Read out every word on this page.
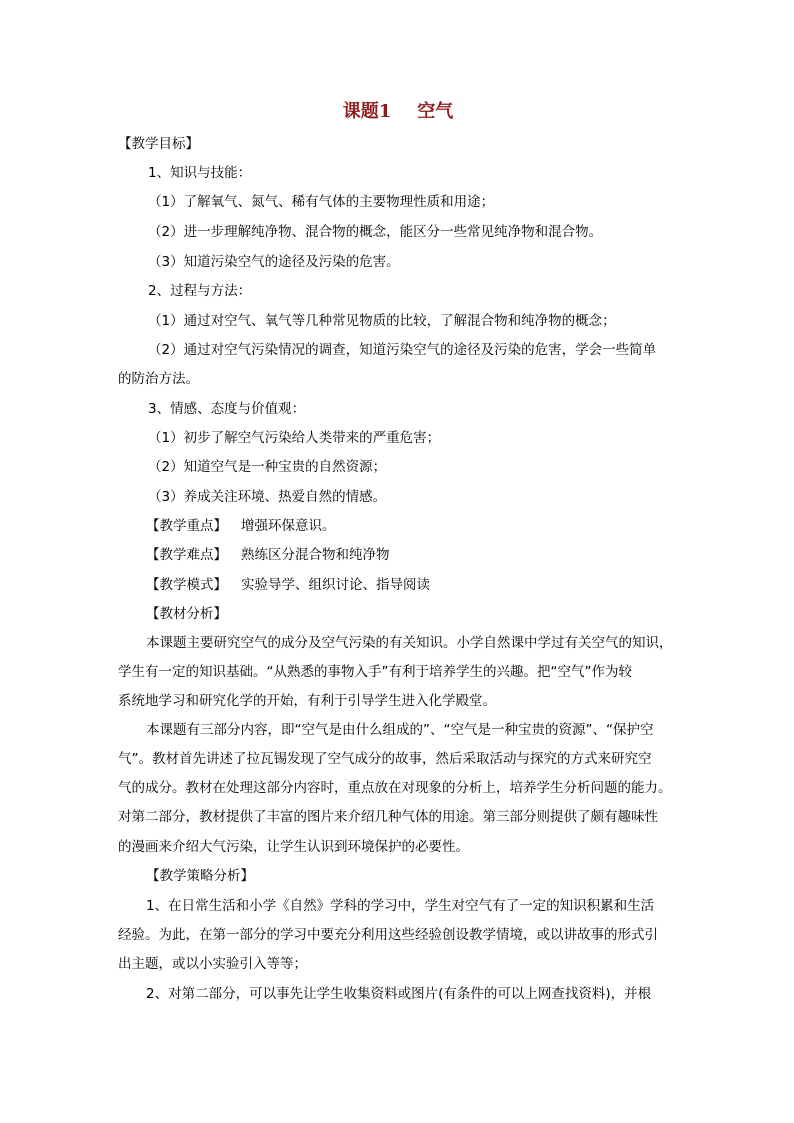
课题1 空气
【教学目标】
1、知识与技能：
（1）了解氧气、氮气、稀有气体的主要物理性质和用途；
（2）进一步理解纯净物、混合物的概念，能区分一些常见纯净物和混合物。
（3）知道污染空气的途径及污染的危害。
2、过程与方法：
（1）通过对空气、氧气等几种常见物质的比较，了解混合物和纯净物的概念；
（2）通过对空气污染情况的调查，知道污染空气的途径及污染的危害，学会一些简单
的防治方法。
3、情感、态度与价值观：
（1）初步了解空气污染给人类带来的严重危害；
（2）知道空气是一种宝贵的自然资源；
（3）养成关注环境、热爱自然的情感。
【教学重点】 增强环保意识。
【教学难点】 熟练区分混合物和纯净物
【教学模式】 实验导学、组织讨论、指导阅读
【教材分析】
本课题主要研究空气的成分及空气污染的有关知识。小学自然课中学过有关空气的知识，
学生有一定的知识基础。“从熟悉的事物入手”有利于培养学生的兴趣。把“空气”作为较
系统地学习和研究化学的开始，有利于引导学生进入化学殿堂。
本课题有三部分内容，即“空气是由什么组成的”、“空气是一种宝贵的资源”、“保护空
气”。教材首先讲述了拉瓦锡发现了空气成分的故事，然后采取活动与探究的方式来研究空
气的成分。教材在处理这部分内容时，重点放在对现象的分析上，培养学生分析问题的能力。
对第二部分，教材提供了丰富的图片来介绍几种气体的用途。第三部分则提供了颇有趣味性
的漫画来介绍大气污染，让学生认识到环境保护的必要性。
【教学策略分析】
1、在日常生活和小学《自然》学科的学习中，学生对空气有了一定的知识积累和生活
经验。为此，在第一部分的学习中要充分利用这些经验创设教学情境，或以讲故事的形式引
出主题，或以小实验引入等等；
2、对第二部分，可以事先让学生收集资料或图片(有条件的可以上网查找资料)，并根
